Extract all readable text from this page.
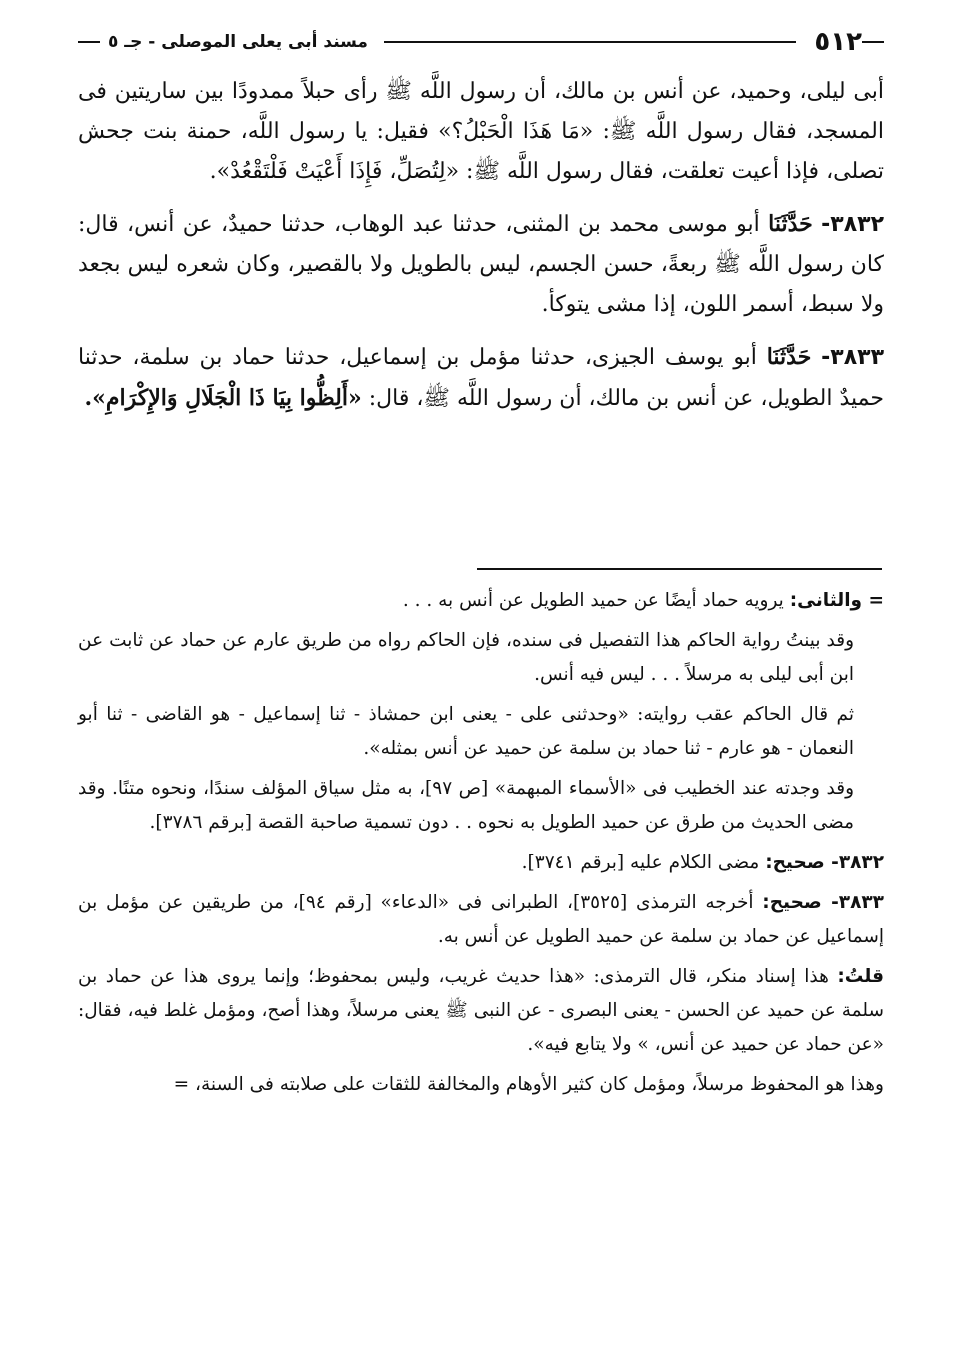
٥١٢
مسند أبى يعلى الموصلى - جـ ٥

أبى ليلى، وحميد، عن أنس بن مالك، أن رسول اللَّه ﷺ رأى حبلاً ممدودًا بين ساريتين فى المسجد، فقال رسول اللَّه ﷺ: «مَا هَذَا الْحَبْلُ؟» فقيل: يا رسول اللَّه، حمنة بنت جحش تصلى، فإذا أعيت تعلقت، فقال رسول اللَّه ﷺ: «لِتُصَلِّ، فَإِذَا أَعْيَتْ فَلْتَقْعُدْ».

٣٨٣٢- حَدَّثَنَا أبو موسى محمد بن المثنى، حدثنا عبد الوهاب، حدثنا حميدٌ، عن أنس، قال: كان رسول اللَّه ﷺ ربعةً، حسن الجسم، ليس بالطويل ولا بالقصير، وكان شعره ليس بجعد ولا سبط، أسمر اللون، إذا مشى يتوكأ.

٣٨٣٣- حَدَّثَنَا أبو يوسف الجيزى، حدثنا مؤمل بن إسماعيل، حدثنا حماد بن سلمة، حدثنا حميدٌ الطويل، عن أنس بن مالك، أن رسول اللَّه ﷺ، قال: «أَلِظُّوا بِيَا ذَا الْجَلَالِ وَالإِكْرَامِ».

= والثانى: يرويه حماد أيضًا عن حميد الطويل عن أنس به . . .

وقد بينتُ رواية الحاكم هذا التفصيل فى سنده، فإن الحاكم رواه من طريق عارم عن حماد عن ثابت عن ابن أبى ليلى به مرسلاً . . . ليس فيه أنس.

ثم قال الحاكم عقب روايته: «وحدثنى على - يعنى ابن حمشاذ - ثنا إسماعيل - هو القاضى - ثنا أبو النعمان - هو عارم - ثنا حماد بن سلمة عن حميد عن أنس بمثله».

وقد وجدته عند الخطيب فى «الأسماء المبهمة» [ص ٩٧]، به مثل سياق المؤلف سندًا، ونحوه متنًا. وقد مضى الحديث من طرق عن حميد الطويل به نحوه . . دون تسمية صاحبة القصة [برقم ٣٧٨٦].

٣٨٣٢- صحيح: مضى الكلام عليه [برقم ٣٧٤١].

٣٨٣٣- صحيح: أخرجه الترمذى [٣٥٢٥]، الطبرانى فى «الدعاء» [رقم ٩٤]، من طريقين عن مؤمل بن إسماعيل عن حماد بن سلمة عن حميد الطويل عن أنس به.

قلتُ: هذا إسناد منكر، قال الترمذى: «هذا حديث غريب، وليس بمحفوظ؛ وإنما يروى هذا عن حماد بن سلمة عن حميد عن الحسن - يعنى البصرى - عن النبى ﷺ يعنى مرسلاً، وهذا أصح، ومؤمل غلط فيه، فقال: «عن حماد عن حميد عن أنس، » ولا يتابع فيه».

وهذا هو المحفوظ مرسلاً، ومؤمل كان كثير الأوهام والمخالفة للثقات على صلابته فى السنة، =
